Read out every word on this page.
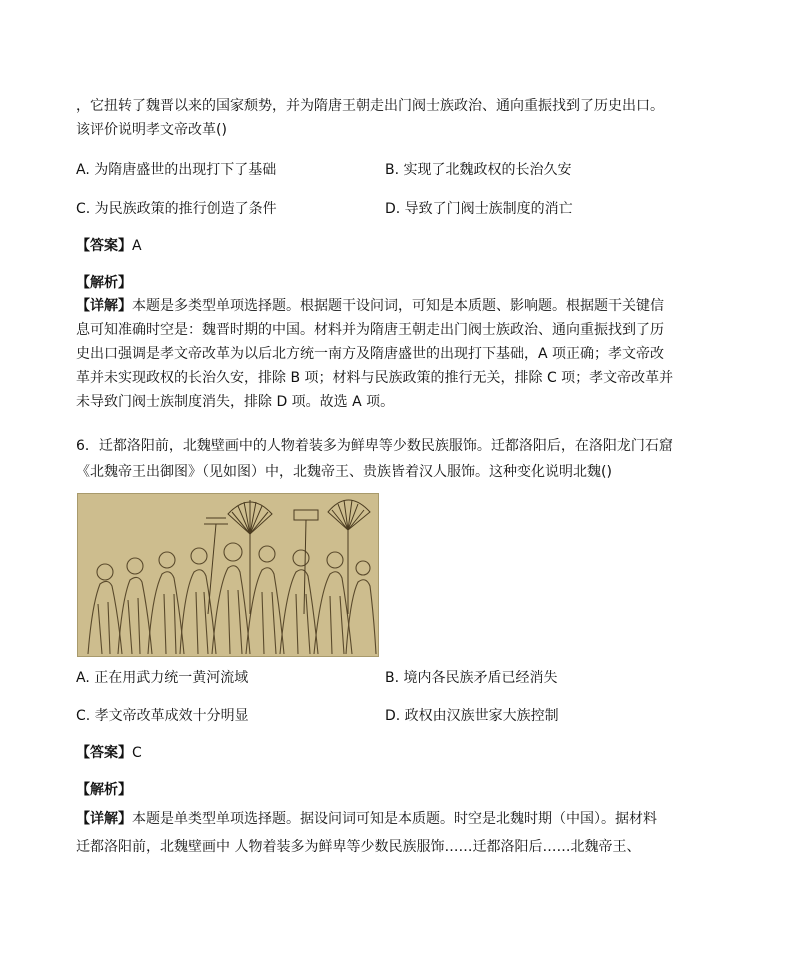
，它扭转了魏晋以来的国家颓势，并为隋唐王朝走出门阀士族政治、通向重振找到了历史出口。
该评价说明孝文帝改革()
A. 为隋唐盛世的出现打下了基础	B. 实现了北魏政权的长治久安
C. 为民族政策的推行创造了条件	D. 导致了门阀士族制度的消亡
【答案】A
【解析】
【详解】本题是多类型单项选择题。根据题干设问词，可知是本质题、影响题。根据题干关键信
息可知准确时空是：魏晋时期的中国。材料并为隋唐王朝走出门阀士族政治、通向重振找到了历
史出口强调是孝文帝改革为以后北方统一南方及隋唐盛世的出现打下基础，A 项正确；孝文帝改
革并未实现政权的长治久安，排除 B 项；材料与民族政策的推行无关，排除 C 项；孝文帝改革并
未导致门阀士族制度消失，排除 D 项。故选 A 项。
6．迁都洛阳前，北魏壁画中的人物着装多为鲜卑等少数民族服饰。迁都洛阳后，在洛阳龙门石窟
《北魏帝王出御图》（见如图）中，北魏帝王、贵族皆着汉人服饰。这种变化说明北魏()
A. 正在用武力统一黄河流域	B. 境内各民族矛盾已经消失
C. 孝文帝改革成效十分明显	D. 政权由汉族世家大族控制
【答案】C
【解析】
【详解】本题是单类型单项选择题。据设问词可知是本质题。时空是北魏时期（中国）。据材料
迁都洛阳前，北魏壁画中 人物着装多为鲜卑等少数民族服饰……迁都洛阳后……北魏帝王、
